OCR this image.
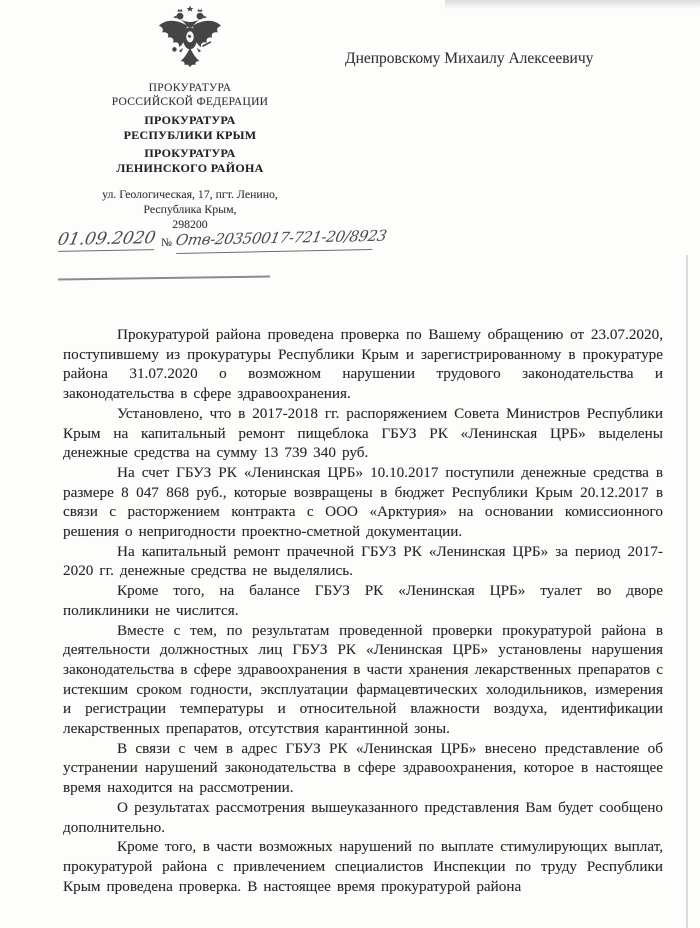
ПРОКУРАТУРА
РОССИЙСКОЙ ФЕДЕРАЦИИ
ПРОКУРАТУРА
РЕСПУБЛИКИ КРЫМ
ПРОКУРАТУРА
ЛЕНИНСКОГО РАЙОНА
ул. Геологическая, 17, пгт. Ленино,
Республика Крым,
298200
01.09.2020 № Отв-20350017-721-20/8923
Днепровскому Михаилу Алексеевичу

Прокуратурой района проведена проверка по Вашему обращению от 23.07.2020, поступившему из прокуратуры Республики Крым и зарегистрированному в прокуратуре района 31.07.2020 о возможном нарушении трудового законодательства и законодательства в сфере здравоохранения.

Установлено, что в 2017-2018 гг. распоряжением Совета Министров Республики Крым на капитальный ремонт пищеблока ГБУЗ РК «Ленинская ЦРБ» выделены денежные средства на сумму 13 739 340 руб.

На счет ГБУЗ РК «Ленинская ЦРБ» 10.10.2017 поступили денежные средства в размере 8 047 868 руб., которые возвращены в бюджет Республики Крым 20.12.2017 в связи с расторжением контракта с ООО «Арктурия» на основании комиссионного решения о непригодности проектно-сметной документации.

На капитальный ремонт прачечной ГБУЗ РК «Ленинская ЦРБ» за период 2017-2020 гг. денежные средства не выделялись.

Кроме того, на балансе ГБУЗ РК «Ленинская ЦРБ» туалет во дворе поликлиники не числится.

Вместе с тем, по результатам проведенной проверки прокуратурой района в деятельности должностных лиц ГБУЗ РК «Ленинская ЦРБ» установлены нарушения законодательства в сфере здравоохранения в части хранения лекарственных препаратов с истекшим сроком годности, эксплуатации фармацевтических холодильников, измерения и регистрации температуры и относительной влажности воздуха, идентификации лекарственных препаратов, отсутствия карантинной зоны.

В связи с чем в адрес ГБУЗ РК «Ленинская ЦРБ» внесено представление об устранении нарушений законодательства в сфере здравоохранения, которое в настоящее время находится на рассмотрении.

О результатах рассмотрения вышеуказанного представления Вам будет сообщено дополнительно.

Кроме того, в части возможных нарушений по выплате стимулирующих выплат, прокуратурой района с привлечением специалистов Инспекции по труду Республики Крым проведена проверка. В настоящее время прокуратурой района
